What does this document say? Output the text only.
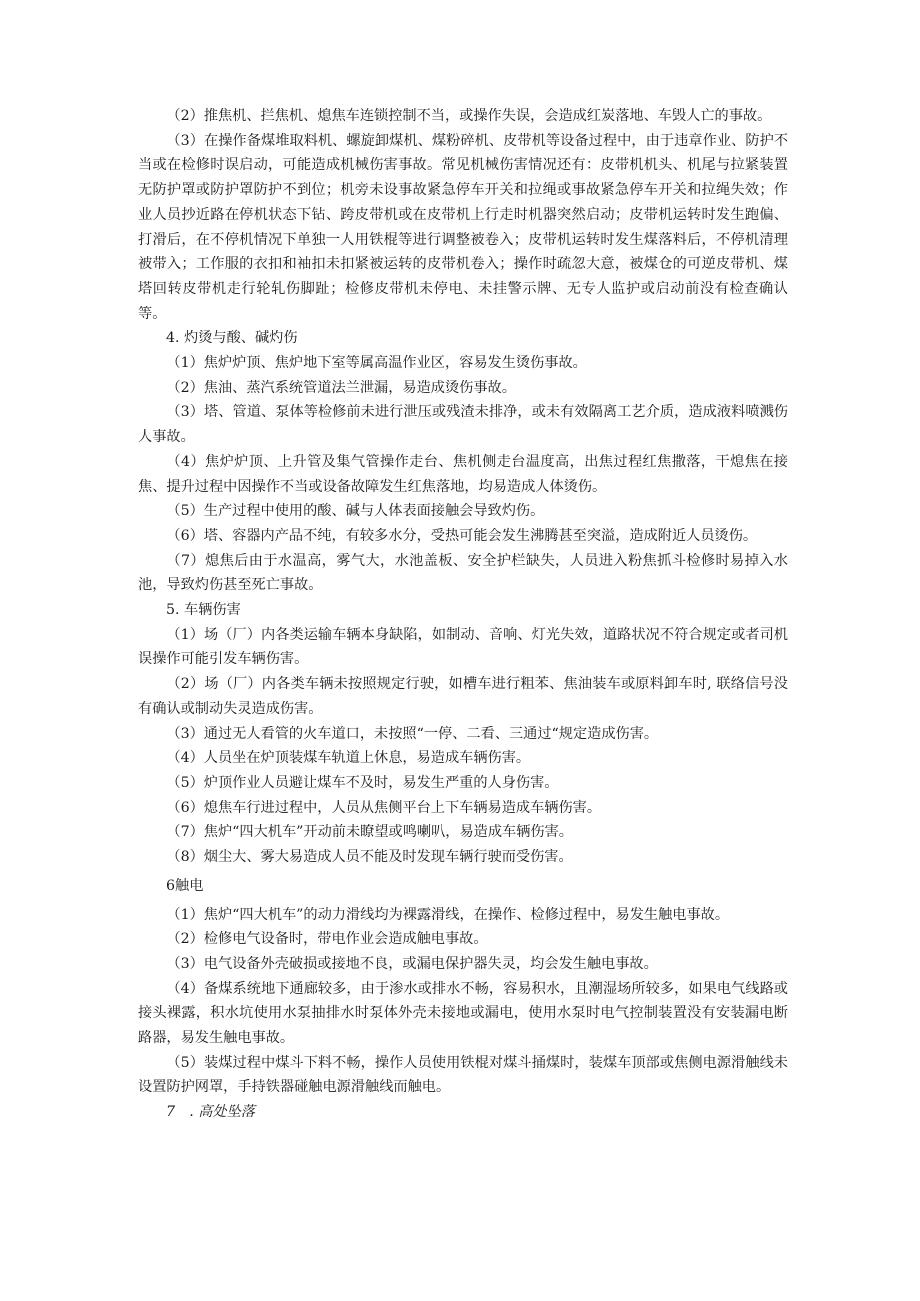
（2）推焦机、拦焦机、熄焦车连锁控制不当，或操作失误，会造成红炭落地、车毁人亡的事故。

（3）在操作备煤堆取料机、螺旋卸煤机、煤粉碎机、皮带机等设备过程中，由于违章作业、防护不当或在检修时误启动，可能造成机械伤害事故。常见机械伤害情况还有：皮带机机头、机尾与拉紧装置无防护罩或防护罩防护不到位；机旁未设事故紧急停车开关和拉绳或事故紧急停车开关和拉绳失效；作业人员抄近路在停机状态下钻、跨皮带机或在皮带机上行走时机器突然启动；皮带机运转时发生跑偏、打滑后，在不停机情况下单独一人用铁棍等进行调整被卷入；皮带机运转时发生煤落料后，不停机清理被带入；工作服的衣扣和袖扣未扣紧被运转的皮带机卷入；操作时疏忽大意，被煤仓的可逆皮带机、煤塔回转皮带机走行轮轧伤脚趾；检修皮带机未停电、未挂警示牌、无专人监护或启动前没有检查确认等。

4. 灼烫与酸、碱灼伤

（1）焦炉炉顶、焦炉地下室等属高温作业区，容易发生烫伤事故。

（2）焦油、蒸汽系统管道法兰泄漏，易造成烫伤事故。

（3）塔、管道、泵体等检修前未进行泄压或残渣未排净，或未有效隔离工艺介质，造成液料喷溅伤人事故。

（4）焦炉炉顶、上升管及集气管操作走台、焦机侧走台温度高，出焦过程红焦撒落，干熄焦在接焦、提升过程中因操作不当或设备故障发生红焦落地，均易造成人体烫伤。

（5）生产过程中使用的酸、碱与人体表面接触会导致灼伤。

（6）塔、容器内产品不纯，有较多水分，受热可能会发生沸腾甚至突溢，造成附近人员烫伤。

（7）熄焦后由于水温高，雾气大，水池盖板、安全护栏缺失，人员进入粉焦抓斗检修时易掉入水池，导致灼伤甚至死亡事故。

5. 车辆伤害

（1）场（厂）内各类运输车辆本身缺陷，如制动、音响、灯光失效，道路状况不符合规定或者司机误操作可能引发车辆伤害。

（2）场（厂）内各类车辆未按照规定行驶，如槽车进行粗苯、焦油装车或原料卸车时, 联络信号没有确认或制动失灵造成伤害。

（3）通过无人看管的火车道口，未按照“一停、二看、三通过“规定造成伤害。

（4）人员坐在炉顶装煤车轨道上休息，易造成车辆伤害。

（5）炉顶作业人员避让煤车不及时，易发生严重的人身伤害。

（6）熄焦车行进过程中，人员从焦侧平台上下车辆易造成车辆伤害。

（7）焦炉“四大机车”开动前未瞭望或鸣喇叭，易造成车辆伤害。

（8）烟尘大、雾大易造成人员不能及时发现车辆行驶而受伤害。

6触电

（1）焦炉“四大机车”的动力滑线均为裸露滑线，在操作、检修过程中，易发生触电事故。

（2）检修电气设备时，带电作业会造成触电事故。

（3）电气设备外壳破损或接地不良，或漏电保护器失灵，均会发生触电事故。

（4）备煤系统地下通廊较多，由于渗水或排水不畅，容易积水，且潮湿场所较多，如果电气线路或接头裸露，积水坑使用水泵抽排水时泵体外壳未接地或漏电，使用水泵时电气控制装置没有安装漏电断路器，易发生触电事故。

（5）装煤过程中煤斗下料不畅，操作人员使用铁棍对煤斗捅煤时，装煤车顶部或焦侧电源滑触线未设置防护网罩，手持铁器碰触电源滑触线而触电。

7　. 高处坠落
